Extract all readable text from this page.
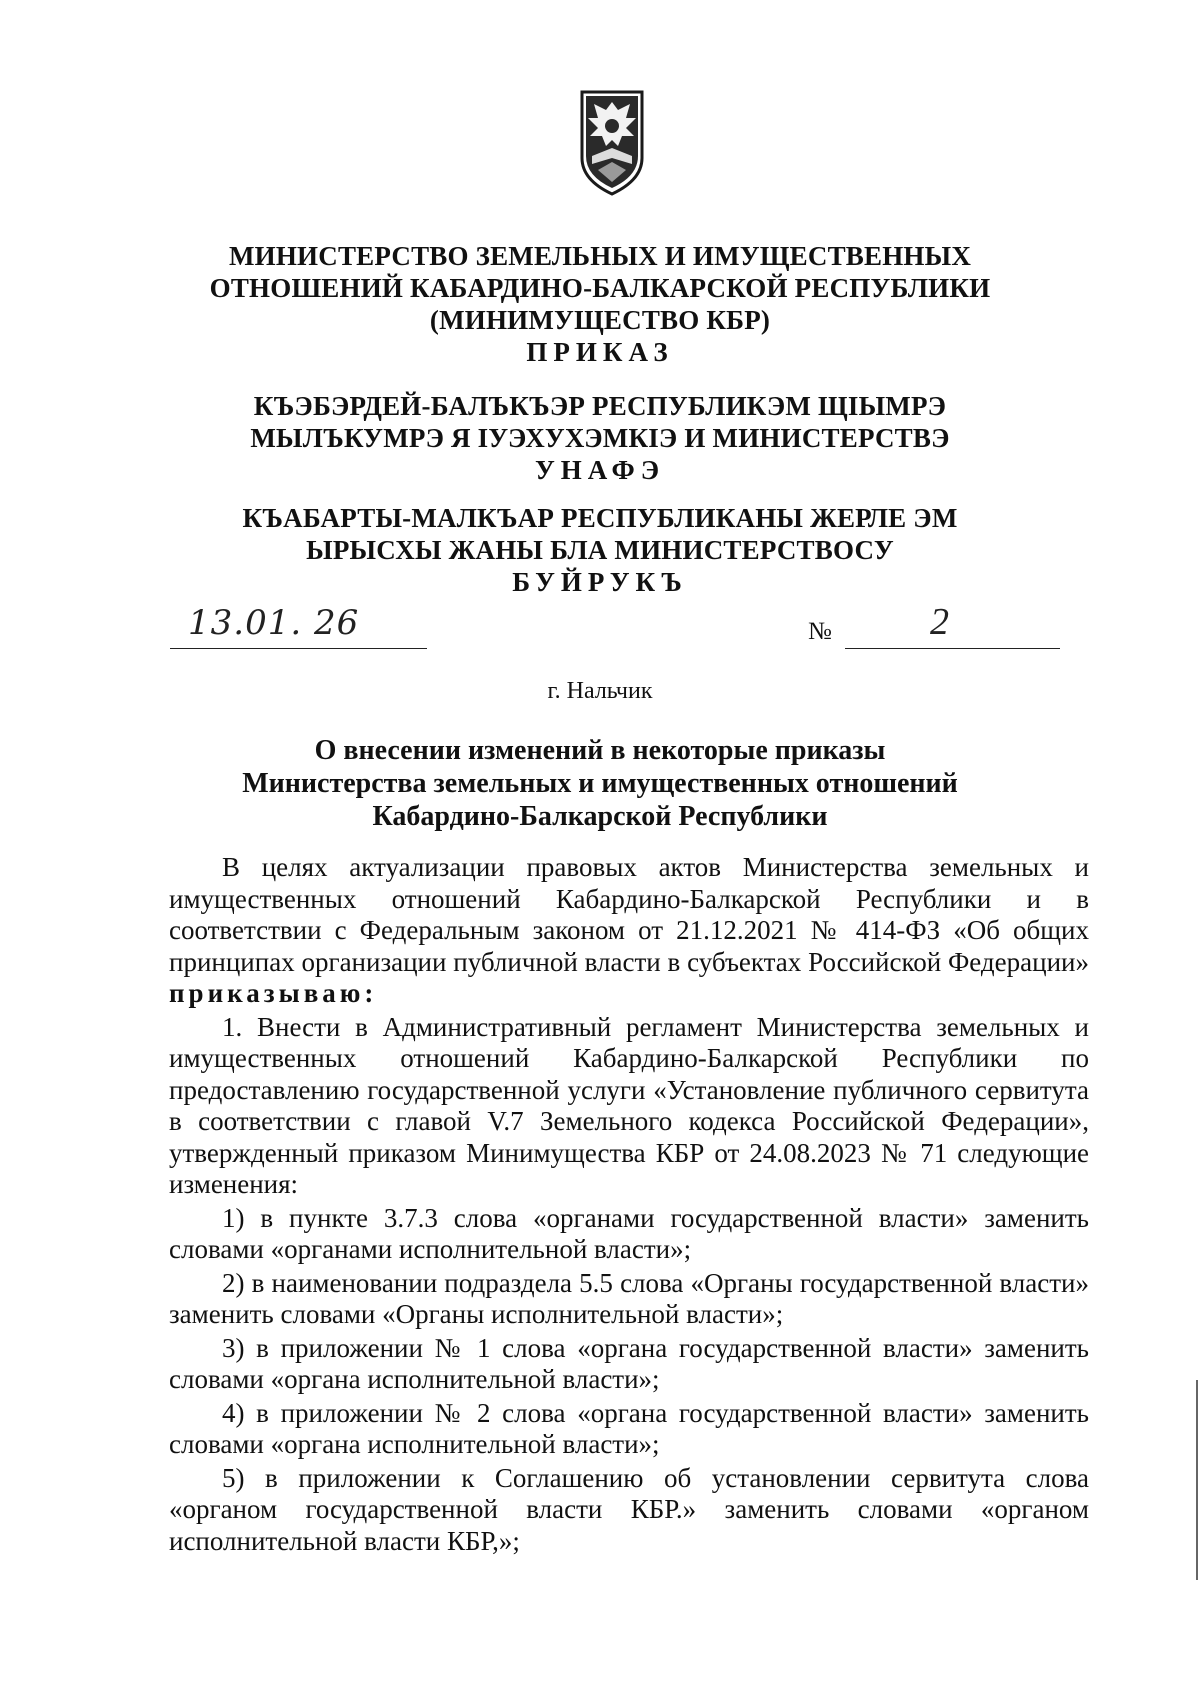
МИНИСТЕРСТВО ЗЕМЕЛЬНЫХ И ИМУЩЕСТВЕННЫХ
ОТНОШЕНИЙ КАБАРДИНО-БАЛКАРСКОЙ РЕСПУБЛИКИ
(МИНИМУЩЕСТВО КБР)
ПРИКАЗ
КЪЭБЭРДЕЙ-БАЛЪКЪЭР РЕСПУБЛИКЭМ ЩIЫМРЭ
МЫЛЪКУМРЭ Я IУЭХУХЭМКIЭ И МИНИСТЕРСТВЭ
УНАФЭ
КЪАБАРТЫ-МАЛКЪАР РЕСПУБЛИКАНЫ ЖЕРЛЕ ЭМ
ЫРЫСХЫ ЖАНЫ БЛА МИНИСТЕРСТВОСУ
БУЙРУКЪ
13.01. 26	№	2
г. Нальчик
О внесении изменений в некоторые приказы
Министерства земельных и имущественных отношений
Кабардино-Балкарской Республики

В целях актуализации правовых актов Министерства земельных и имущественных отношений Кабардино-Балкарской Республики и в соответствии с Федеральным законом от 21.12.2021 № 414-ФЗ «Об общих принципах организации публичной власти в субъектах Российской Федерации» приказываю:

1. Внести в Административный регламент Министерства земельных и имущественных отношений Кабардино-Балкарской Республики по предоставлению государственной услуги «Установление публичного сервитута в соответствии с главой V.7 Земельного кодекса Российской Федерации», утвержденный приказом Минимущества КБР от 24.08.2023 № 71 следующие изменения:

1) в пункте 3.7.3 слова «органами государственной власти» заменить словами «органами исполнительной власти»;

2) в наименовании подраздела 5.5 слова «Органы государственной власти» заменить словами «Органы исполнительной власти»;

3) в приложении № 1 слова «органа государственной власти» заменить словами «органа исполнительной власти»;

4) в приложении № 2 слова «органа государственной власти» заменить словами «органа исполнительной власти»;

5) в приложении к Соглашению об установлении сервитута слова «органом государственной власти КБР.» заменить словами «органом исполнительной власти КБР,»;
